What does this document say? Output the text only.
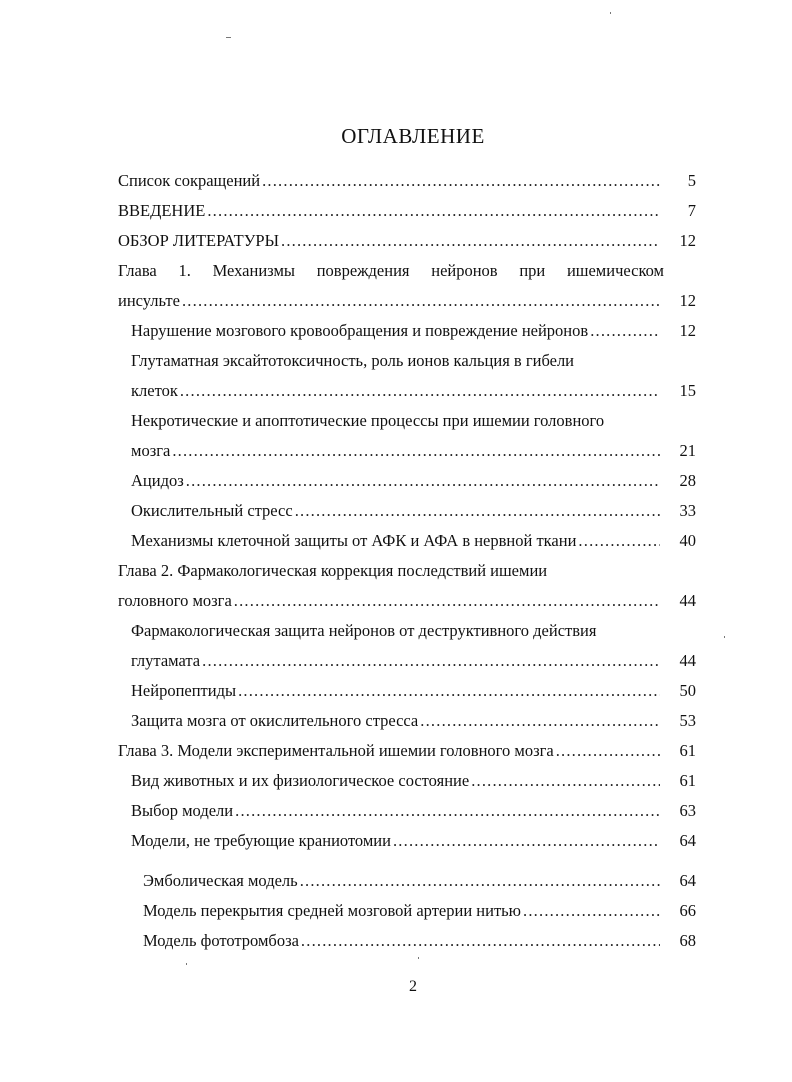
ОГЛАВЛЕНИЕ
Список сокращений .....	5
ВВЕДЕНИЕ .....	7
ОБЗОР ЛИТЕРАТУРЫ .....	12
Глава 1. Механизмы повреждения нейронов при ишемическом
инсульте .....	12
Нарушение мозгового кровообращения и повреждение нейронов .....	12
Глутаматная эксайтотоксичность, роль ионов кальция в гибели
клеток .....	15
Некротические и апоптотические процессы при ишемии головного
мозга .....	21
Ацидоз .....	28
Окислительный стресс .....	33
Механизмы клеточной защиты от АФК и АФА в нервной ткани .....	40
Глава 2. Фармакологическая коррекция последствий ишемии
головного мозга .....	44
Фармакологическая защита нейронов от деструктивного действия
глутамата .....	44
Нейропептиды .....	50
Защита мозга от окислительного стресса .....	53
Глава 3. Модели экспериментальной ишемии головного мозга .....	61
Вид животных и их физиологическое состояние .....	61
Выбор модели .....	63
Модели, не требующие краниотомии .....	64
Эмболическая модель .....	64
Модель перекрытия средней мозговой артерии нитью .....	66
Модель фототромбоза .....	68
2
